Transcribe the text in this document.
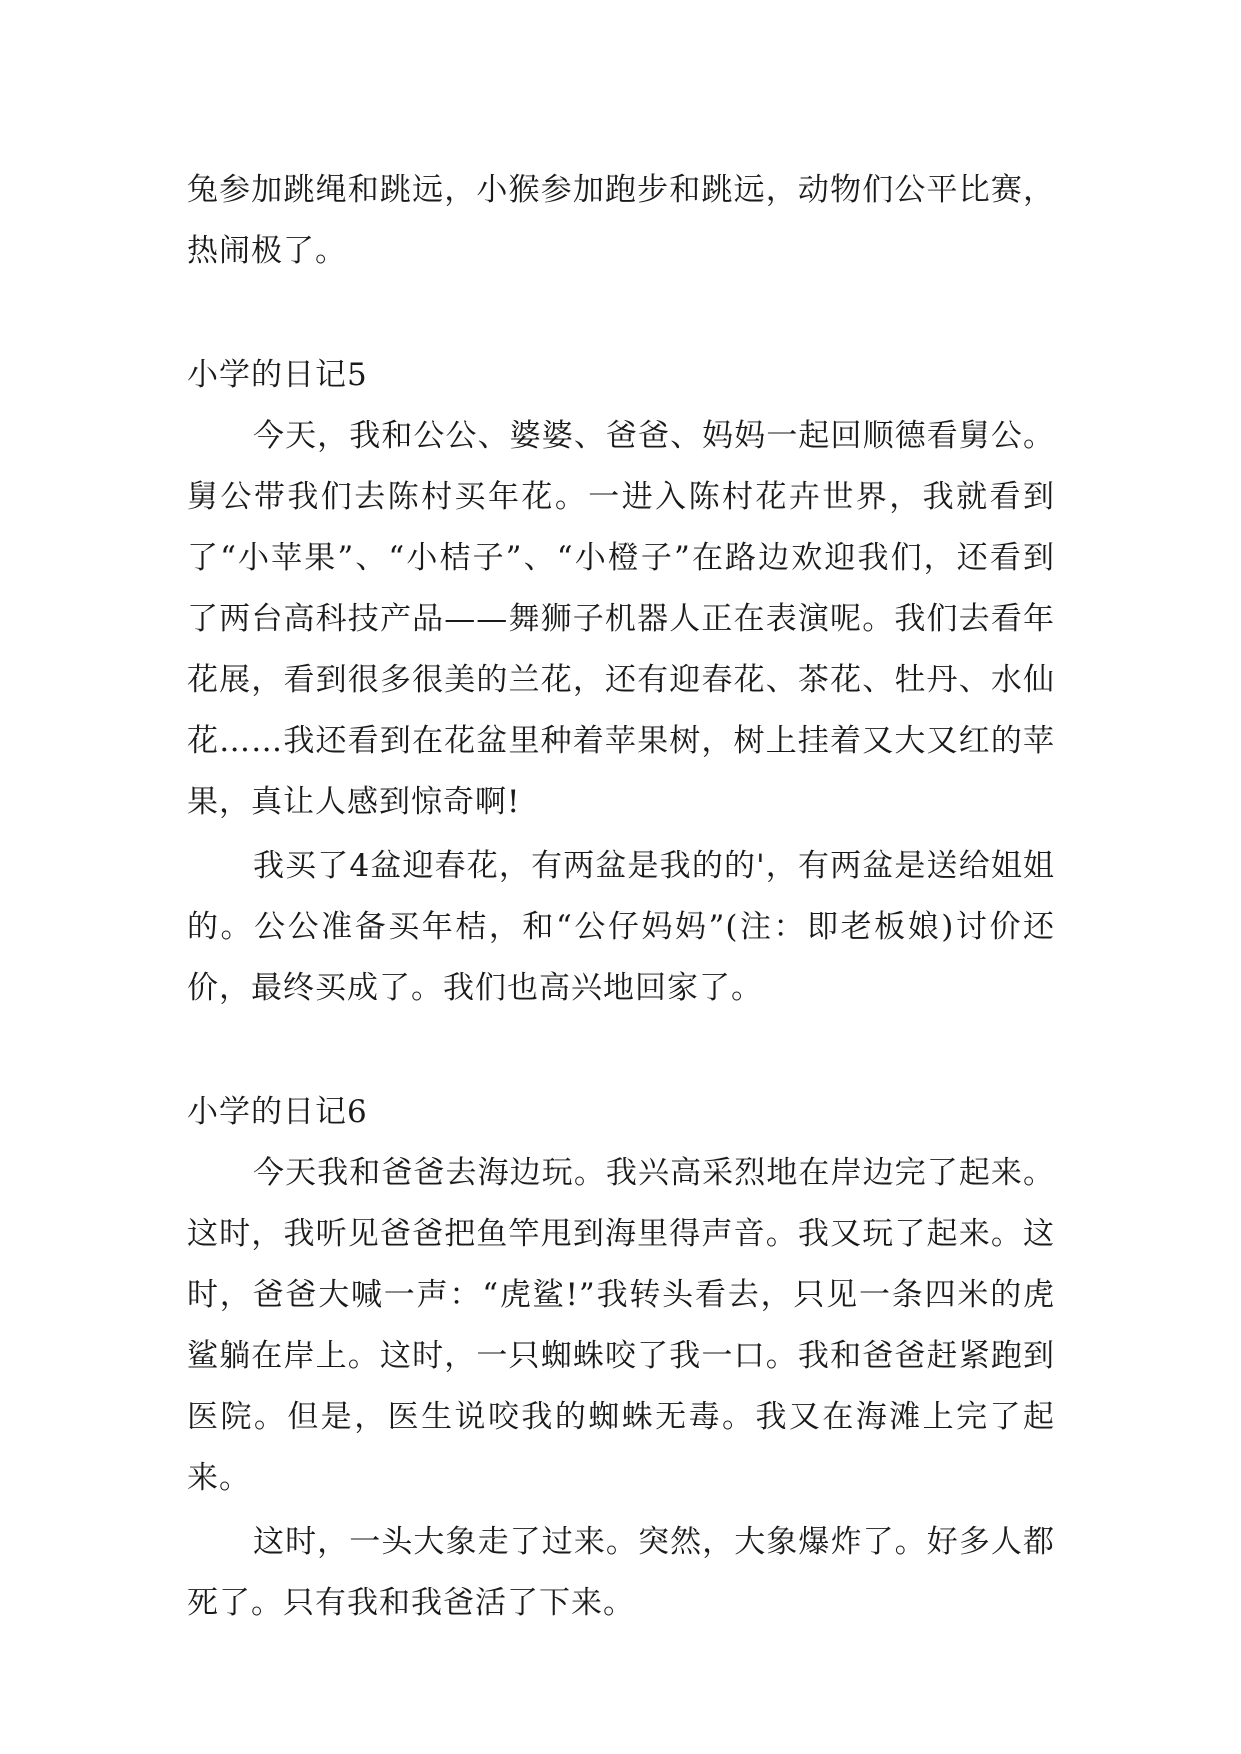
兔参加跳绳和跳远，小猴参加跑步和跳远，动物们公平比赛，热闹极了。

小学的日记5

今天，我和公公、婆婆、爸爸、妈妈一起回顺德看舅公。舅公带我们去陈村买年花。一进入陈村花卉世界，我就看到了“小苹果”、“小桔子”、“小橙子”在路边欢迎我们，还看到了两台高科技产品——舞狮子机器人正在表演呢。我们去看年花展，看到很多很美的兰花，还有迎春花、茶花、牡丹、水仙花……我还看到在花盆里种着苹果树，树上挂着又大又红的苹果，真让人感到惊奇啊!

我买了4盆迎春花，有两盆是我的的'，有两盆是送给姐姐的。公公准备买年桔，和“公仔妈妈”(注：即老板娘)讨价还价，最终买成了。我们也高兴地回家了。

小学的日记6

今天我和爸爸去海边玩。我兴高采烈地在岸边完了起来。这时，我听见爸爸把鱼竿甩到海里得声音。我又玩了起来。这时，爸爸大喊一声：“虎鲨!”我转头看去，只见一条四米的虎鲨躺在岸上。这时，一只蜘蛛咬了我一口。我和爸爸赶紧跑到医院。但是，医生说咬我的蜘蛛无毒。我又在海滩上完了起来。

这时，一头大象走了过来。突然，大象爆炸了。好多人都死了。只有我和我爸活了下来。
